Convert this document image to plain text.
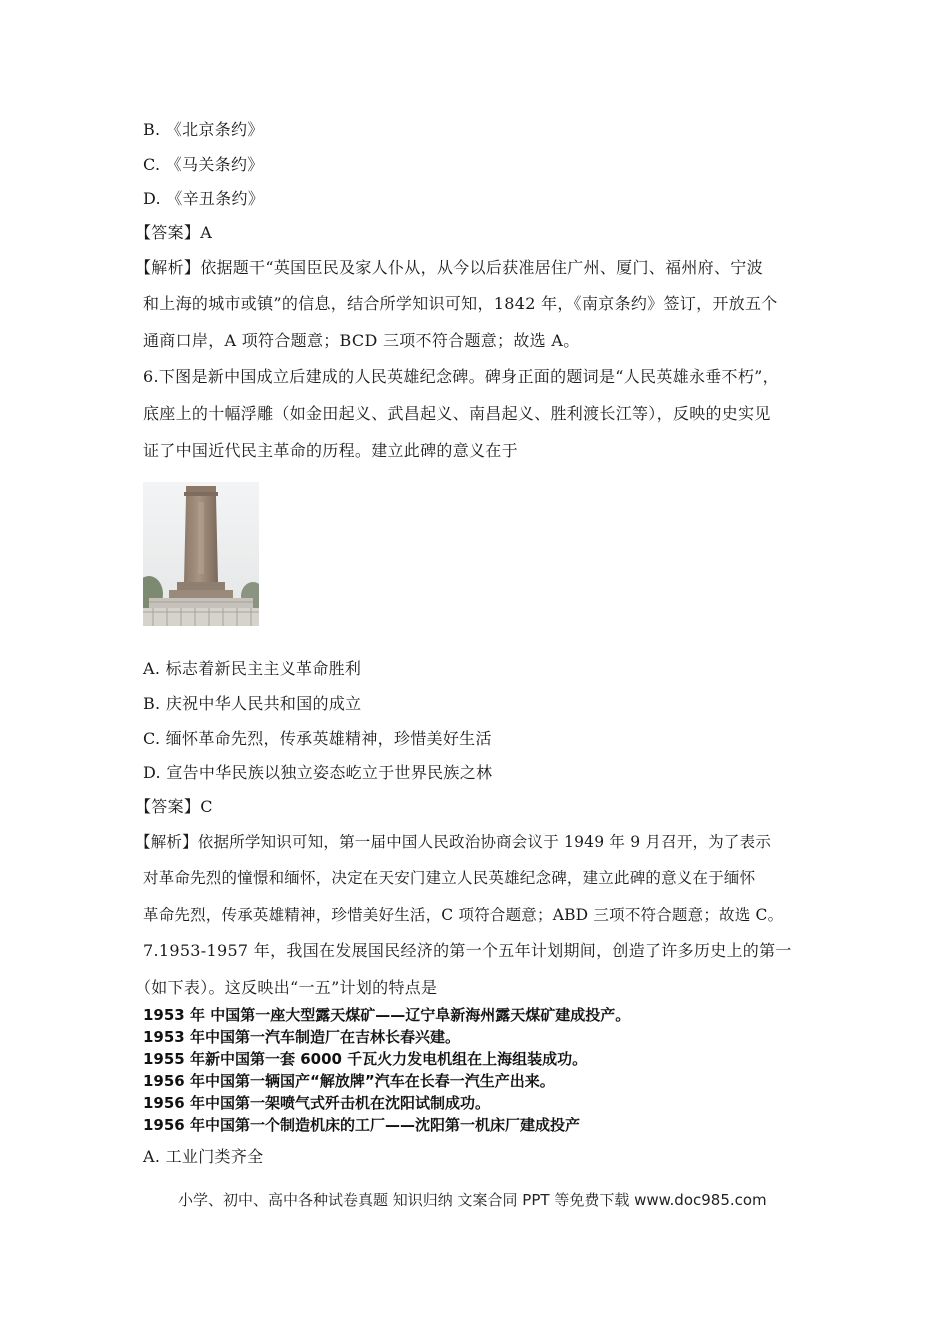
B. 《北京条约》
C. 《马关条约》
D. 《辛丑条约》
【答案】A
【解析】依据题干“英国臣民及家人仆从，从今以后获准居住广州、厦门、福州府、宁波
和上海的城市或镇”的信息，结合所学知识可知，1842 年，《南京条约》签订，开放五个
通商口岸，A 项符合题意；BCD 三项不符合题意；故选 A。
6.下图是新中国成立后建成的人民英雄纪念碑。碑身正面的题词是“人民英雄永垂不朽”，
底座上的十幅浮雕（如金田起义、武昌起义、南昌起义、胜利渡长江等），反映的史实见
证了中国近代民主革命的历程。建立此碑的意义在于
A. 标志着新民主主义革命胜利
B. 庆祝中华人民共和国的成立
C. 缅怀革命先烈，传承英雄精神，珍惜美好生活
D. 宣告中华民族以独立姿态屹立于世界民族之林
【答案】C
【解析】依据所学知识可知，第一届中国人民政治协商会议于 1949 年 9 月召开，为了表示
对革命先烈的憧憬和缅怀，决定在天安门建立人民英雄纪念碑，建立此碑的意义在于缅怀
革命先烈，传承英雄精神，珍惜美好生活，C 项符合题意；ABD 三项不符合题意；故选 C。
7.1953-1957 年，我国在发展国民经济的第一个五年计划期间，创造了许多历史上的第一
（如下表）。这反映出“一五”计划的特点是
1953 年 中国第一座大型露天煤矿——辽宁阜新海州露天煤矿建成投产。
1953 年中国第一汽车制造厂在吉林长春兴建。
1955 年新中国第一套 6000 千瓦火力发电机组在上海组装成功。
1956 年中国第一辆国产“解放牌”汽车在长春一汽生产出来。
1956 年中国第一架喷气式歼击机在沈阳试制成功。
1956 年中国第一个制造机床的工厂——沈阳第一机床厂建成投产
A. 工业门类齐全
小学、初中、高中各种试卷真题 知识归纳 文案合同 PPT 等免费下载 www.doc985.com
